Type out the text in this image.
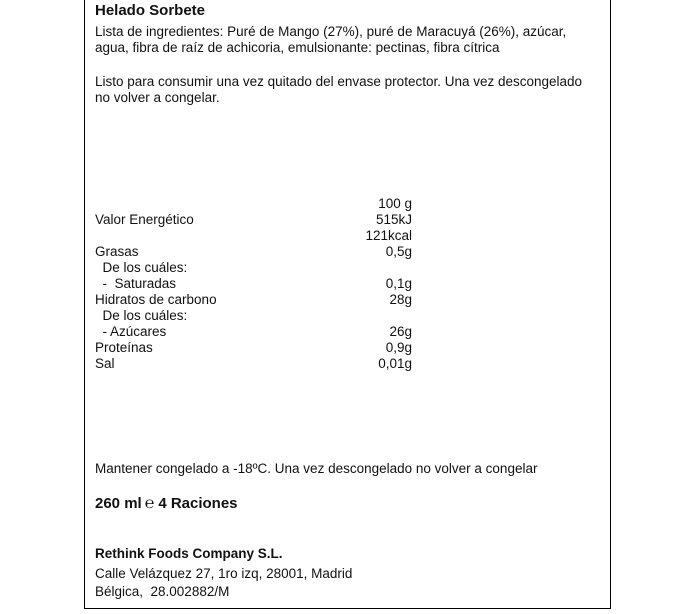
Helado Sorbete
Lista de ingredientes: Puré de Mango (27%), puré de Maracuyá (26%), azúcar,
agua, fibra de raíz de achicoria, emulsionante: pectinas, fibra cítrica
Listo para consumir una vez quitado del envase protector. Una vez descongelado
no volver a congelar.
100 g
Valor Energético	515kJ
121kcal
Grasas	0,5g
De los cuáles:
-  Saturadas	0,1g
Hidratos de carbono	28g
De los cuáles:
- Azúcares	26g
Proteínas	0,9g
Sal	0,01g
Mantener congelado a -18ºC. Una vez descongelado no volver a congelar
260 ml ℮ 4 Raciones
Rethink Foods Company S.L.
Calle Velázquez 27, 1ro izq, 28001, Madrid
Bélgica,  28.002882/M
